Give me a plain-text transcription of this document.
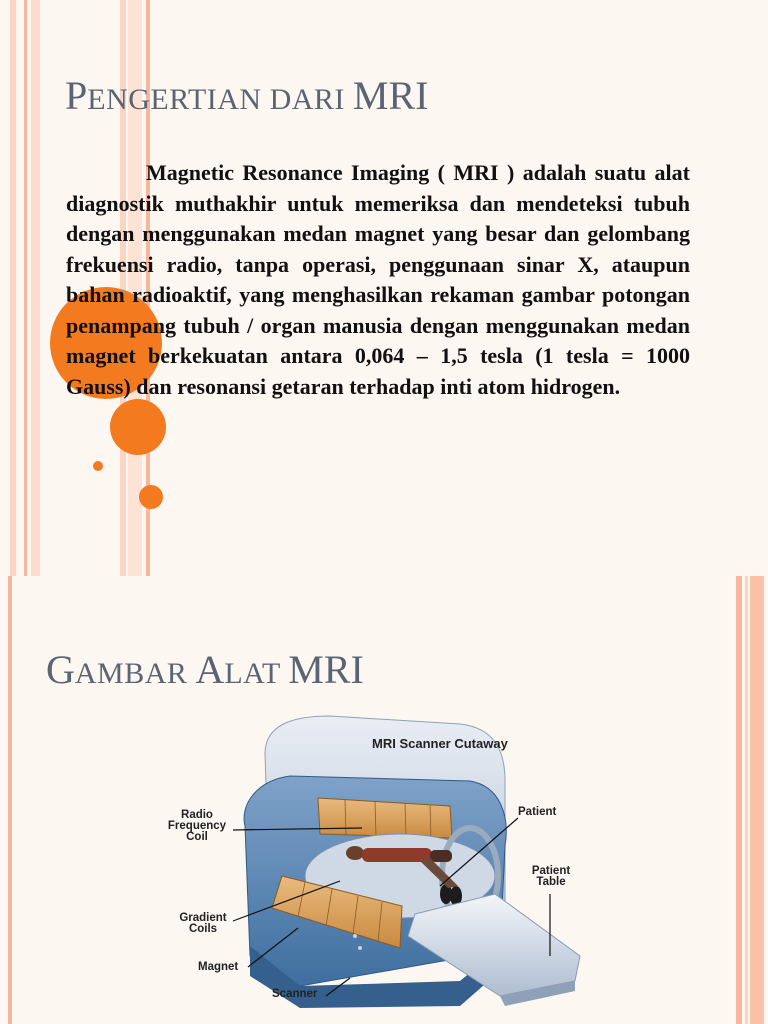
PENGERTIAN DARI MRI
Magnetic Resonance Imaging ( MRI ) adalah suatu alat diagnostik muthakhir untuk memeriksa dan mendeteksi tubuh dengan menggunakan medan magnet yang besar dan gelombang frekuensi radio, tanpa operasi, penggunaan sinar X, ataupun bahan radioaktif, yang menghasilkan rekaman gambar potongan penampang tubuh / organ manusia dengan menggunakan medan magnet berkekuatan antara 0,064 – 1,5 tesla (1 tesla = 1000 Gauss) dan resonansi getaran terhadap inti atom hidrogen.
GAMBAR ALAT MRI
MRI Scanner Cutaway
Radio
Frequency
Coil
Gradient
Coils
Magnet
Scanner
Patient
Patient
Table
